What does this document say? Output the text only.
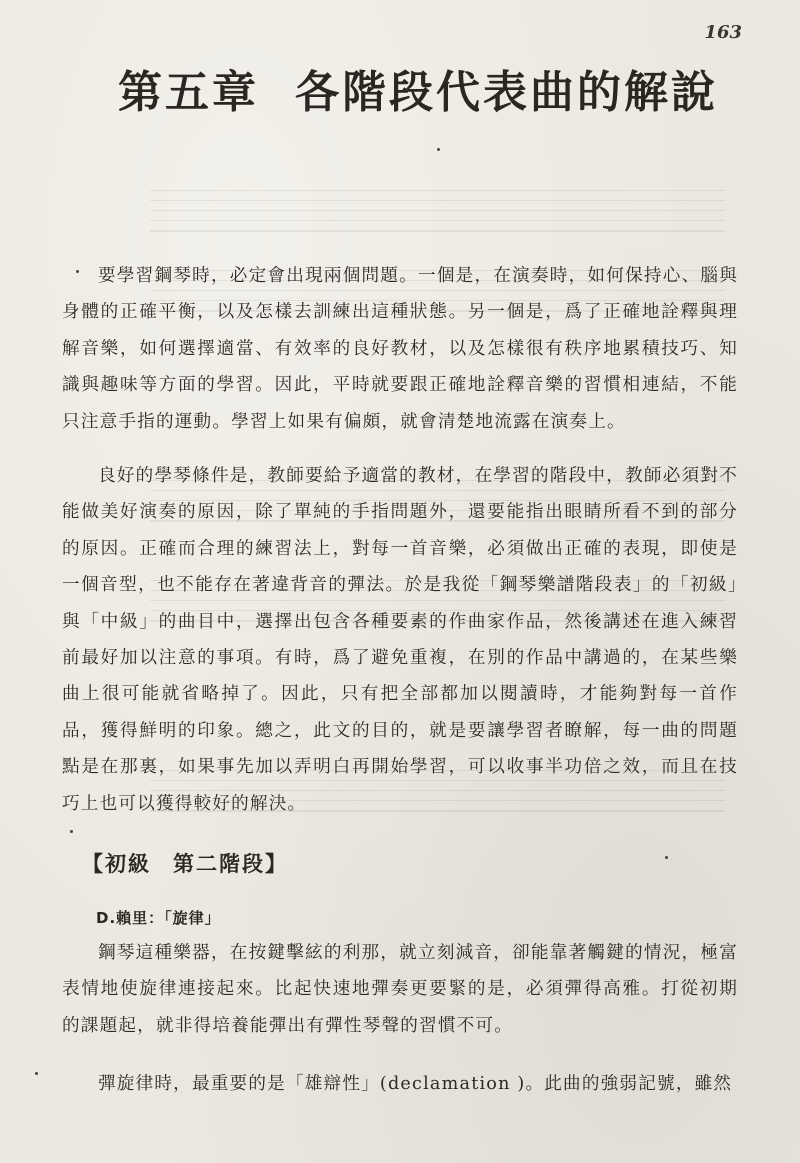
163
第五章 各階段代表曲的解說
要學習鋼琴時，必定會出現兩個問題。一個是，在演奏時，如何保持心、腦與身體的正確平衡，以及怎樣去訓練出這種狀態。另一個是，爲了正確地詮釋與理解音樂，如何選擇適當、有效率的良好教材，以及怎樣很有秩序地累積技巧、知識與趣味等方面的學習。因此，平時就要跟正確地詮釋音樂的習慣相連結，不能只注意手指的運動。學習上如果有偏頗，就會清楚地流露在演奏上。
良好的學琴條件是，教師要給予適當的教材，在學習的階段中，教師必須對不能做美好演奏的原因，除了單純的手指問題外，還要能指出眼睛所看不到的部分的原因。正確而合理的練習法上，對每一首音樂，必須做出正確的表現，即使是一個音型，也不能存在著違背音的彈法。於是我從「鋼琴樂譜階段表」的「初級」與「中級」的曲目中，選擇出包含各種要素的作曲家作品，然後講述在進入練習前最好加以注意的事項。有時，爲了避免重複，在別的作品中講過的，在某些樂曲上很可能就省略掉了。因此，只有把全部都加以閱讀時，才能夠對每一首作品，獲得鮮明的印象。總之，此文的目的，就是要讓學習者瞭解，每一曲的問題點是在那裏，如果事先加以弄明白再開始學習，可以收事半功倍之效，而且在技巧上也可以獲得較好的解決。
【初級 第二階段】
D.賴里：「旋律」
鋼琴這種樂器，在按鍵擊絃的利那，就立刻減音，卻能靠著觸鍵的情況，極富表情地使旋律連接起來。比起快速地彈奏更要緊的是，必須彈得高雅。打從初期的課題起，就非得培養能彈出有彈性琴聲的習慣不可。
彈旋律時，最重要的是「雄辯性」(declamation )。此曲的強弱記號，雖然
